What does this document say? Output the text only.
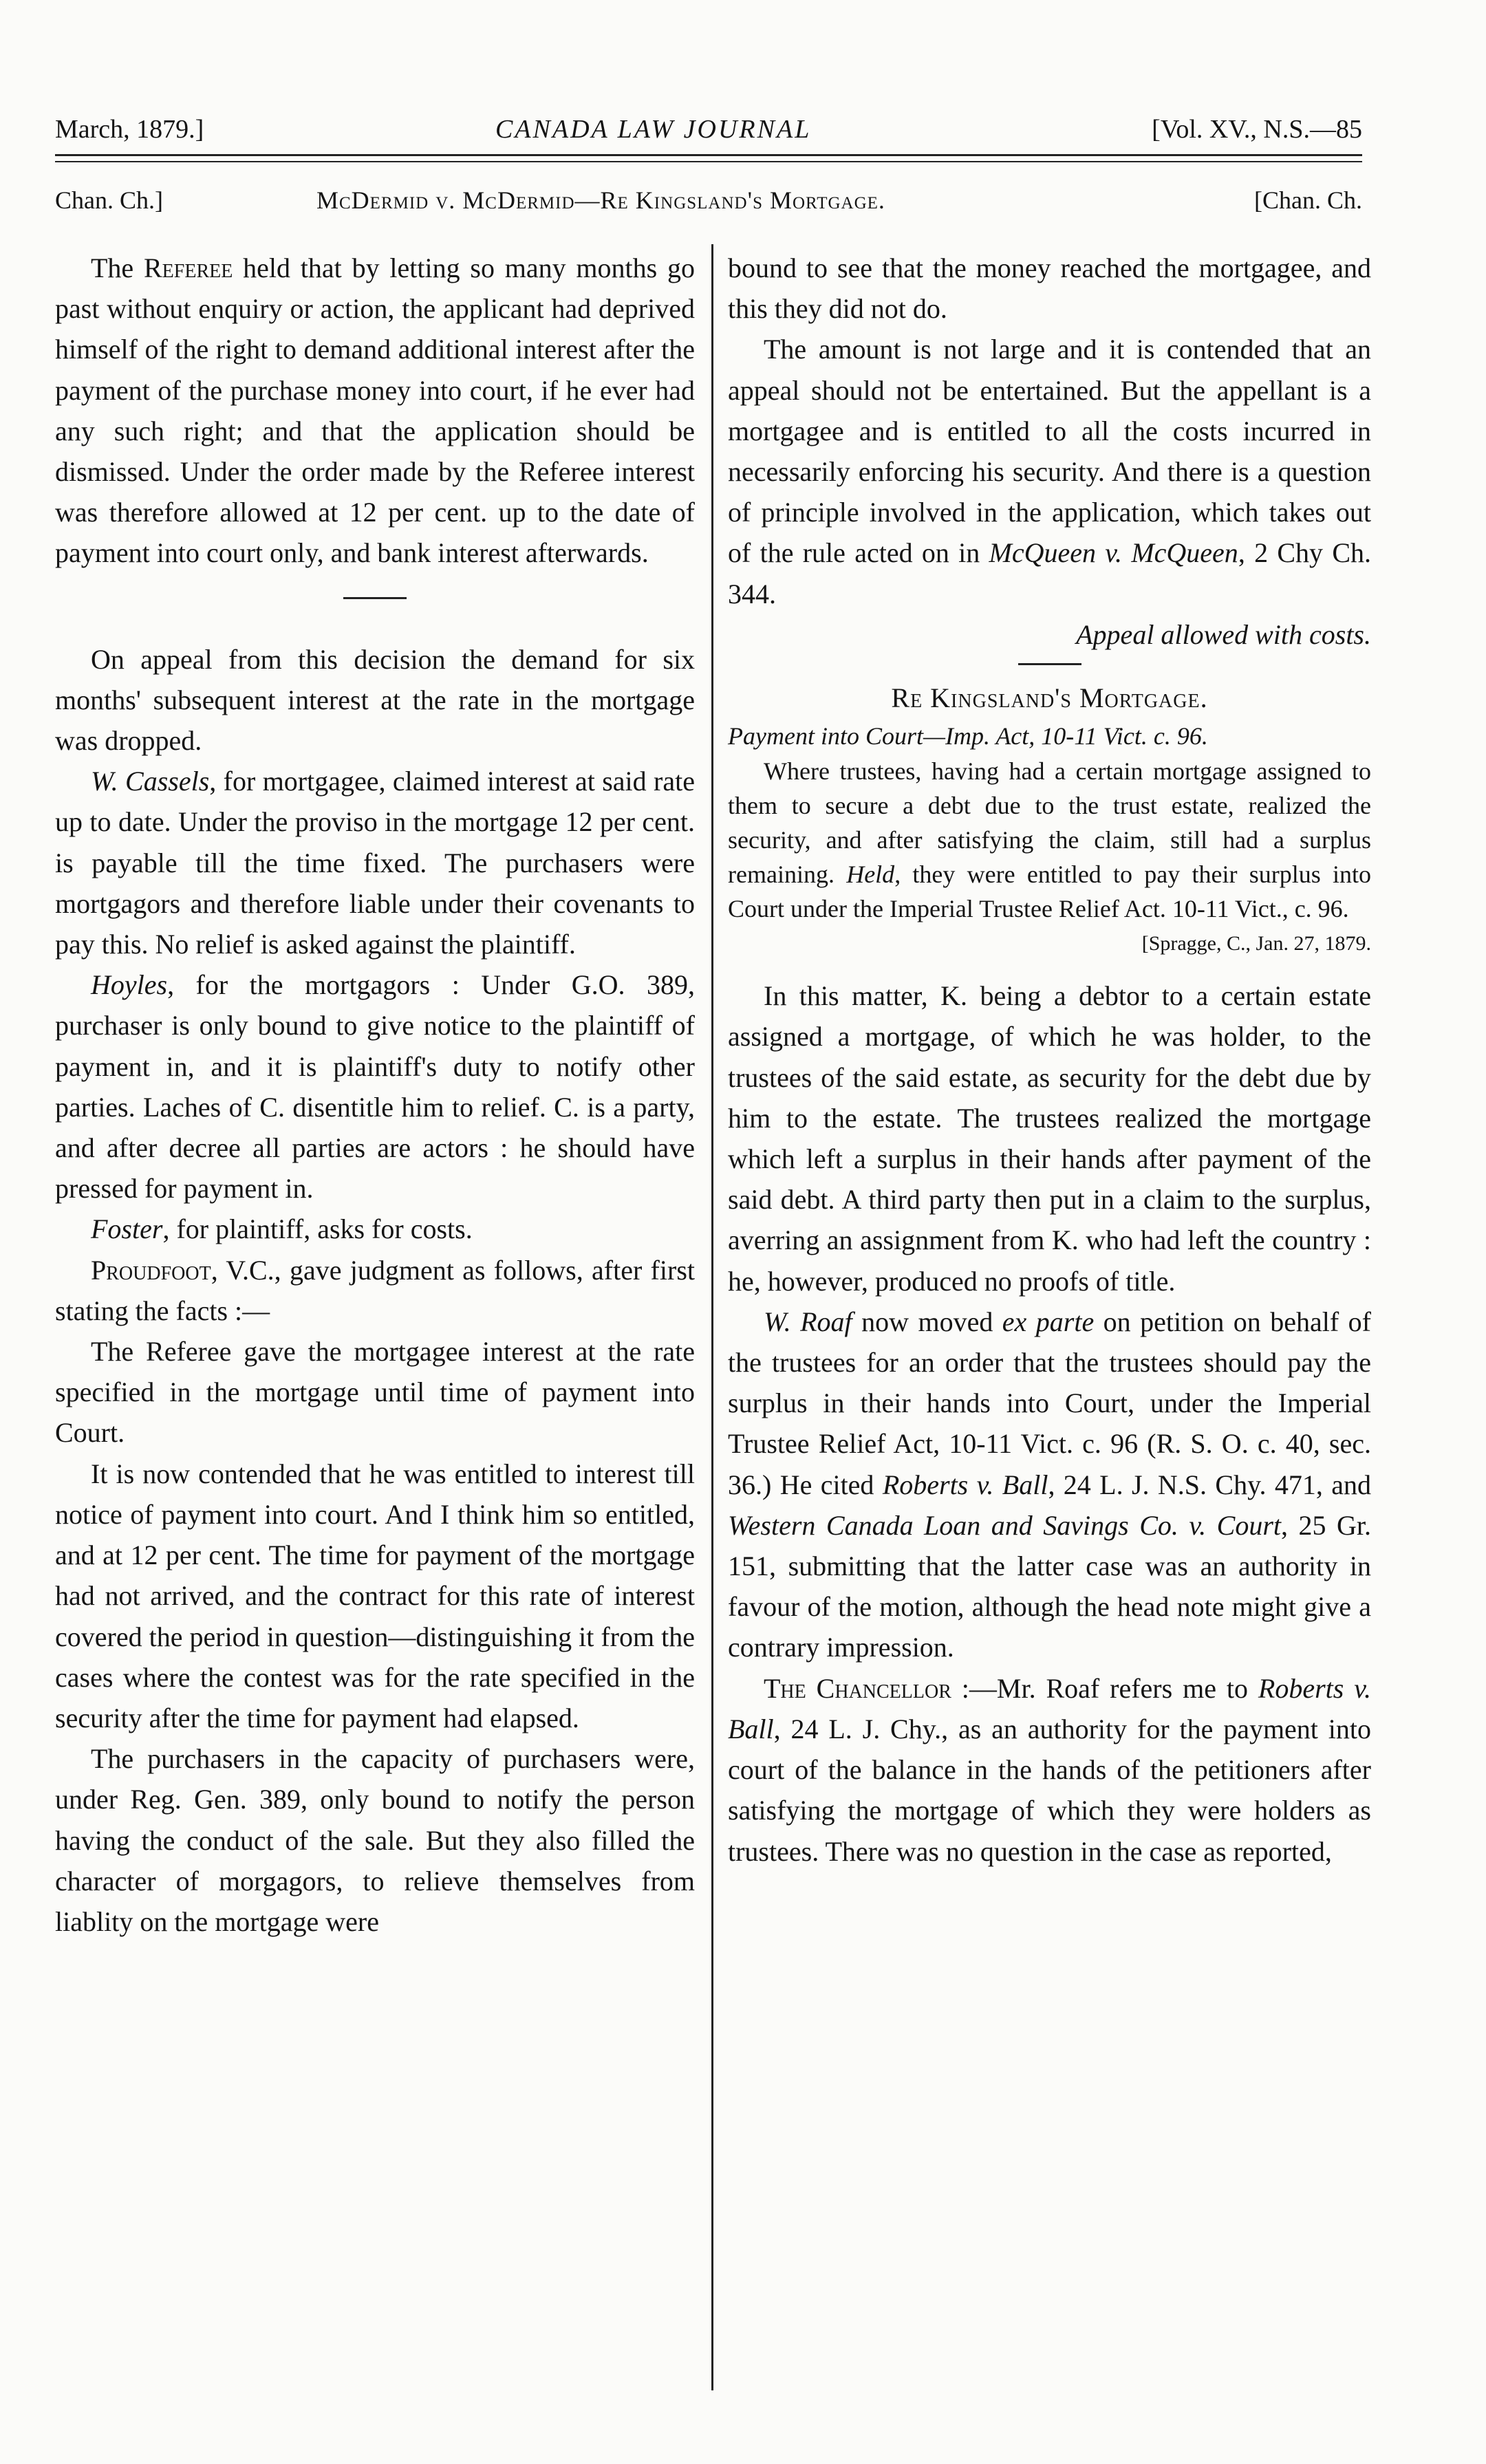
March, 1879.]	CANADA LAW JOURNAL	[Vol. XV., N.S.—85
Chan. Ch.]	McDermid v. McDermid—Re Kingsland's Mortgage.	[Chan. Ch.

The Referee held that by letting so many months go past without enquiry or action, the applicant had deprived himself of the right to demand additional interest after the payment of the purchase money into court, if he ever had any such right; and that the application should be dismissed. Under the order made by the Referee interest was therefore allowed at 12 per cent. up to the date of payment into court only, and bank interest afterwards.

On appeal from this decision the demand for six months' subsequent interest at the rate in the mortgage was dropped.

W. Cassels, for mortgagee, claimed interest at said rate up to date. Under the proviso in the mortgage 12 per cent. is payable till the time fixed. The purchasers were mortgagors and therefore liable under their covenants to pay this. No relief is asked against the plaintiff.

Hoyles, for the mortgagors : Under G.O. 389, purchaser is only bound to give notice to the plaintiff of payment in, and it is plaintiff's duty to notify other parties. Laches of C. disentitle him to relief. C. is a party, and after decree all parties are actors : he should have pressed for payment in.

Foster, for plaintiff, asks for costs.

Proudfoot, V.C., gave judgment as follows, after first stating the facts :—

The Referee gave the mortgagee interest at the rate specified in the mortgage until time of payment into Court.

It is now contended that he was entitled to interest till notice of payment into court. And I think him so entitled, and at 12 per cent. The time for payment of the mortgage had not arrived, and the contract for this rate of interest covered the period in question—distinguishing it from the cases where the contest was for the rate specified in the security after the time for payment had elapsed.

The purchasers in the capacity of purchasers were, under Reg. Gen. 389, only bound to notify the person having the conduct of the sale. But they also filled the character of morgagors, to relieve themselves from liablity on the mortgage were

bound to see that the money reached the mortgagee, and this they did not do.

The amount is not large and it is contended that an appeal should not be entertained. But the appellant is a mortgagee and is entitled to all the costs incurred in necessarily enforcing his security. And there is a question of principle involved in the application, which takes out of the rule acted on in McQueen v. McQueen, 2 Chy Ch. 344.

Appeal allowed with costs.

Re Kingsland's Mortgage.

Payment into Court—Imp. Act, 10-11 Vict. c. 96.

Where trustees, having had a certain mortgage assigned to them to secure a debt due to the trust estate, realized the security, and after satisfying the claim, still had a surplus remaining. Held, they were entitled to pay their surplus into Court under the Imperial Trustee Relief Act. 10-11 Vict., c. 96.

[Spragge, C., Jan. 27, 1879.

In this matter, K. being a debtor to a certain estate assigned a mortgage, of which he was holder, to the trustees of the said estate, as security for the debt due by him to the estate. The trustees realized the mortgage which left a surplus in their hands after payment of the said debt. A third party then put in a claim to the surplus, averring an assignment from K. who had left the country : he, however, produced no proofs of title.

W. Roaf now moved ex parte on petition on behalf of the trustees for an order that the trustees should pay the surplus in their hands into Court, under the Imperial Trustee Relief Act, 10-11 Vict. c. 96 (R. S. O. c. 40, sec. 36.) He cited Roberts v. Ball, 24 L. J. N.S. Chy. 471, and Western Canada Loan and Savings Co. v. Court, 25 Gr. 151, submitting that the latter case was an authority in favour of the motion, although the head note might give a contrary impression.

The Chancellor :—Mr. Roaf refers me to Roberts v. Ball, 24 L. J. Chy., as an authority for the payment into court of the balance in the hands of the petitioners after satisfying the mortgage of which they were holders as trustees. There was no question in the case as reported,
